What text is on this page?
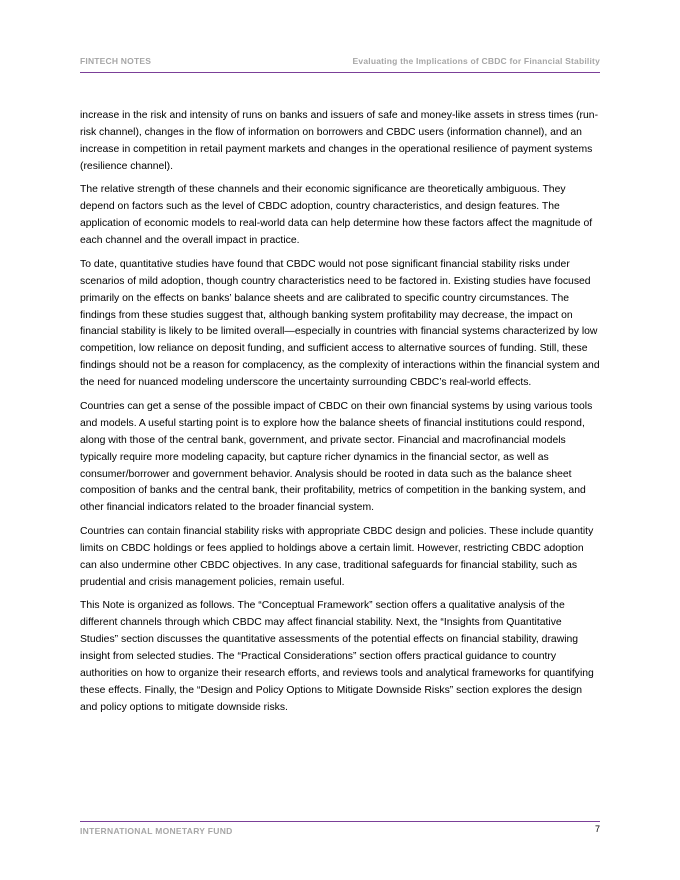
FINTECH NOTES	Evaluating the Implications of CBDC for Financial Stability

increase in the risk and intensity of runs on banks and issuers of safe and money-like assets in stress times (run-risk channel), changes in the flow of information on borrowers and CBDC users (information channel), and an increase in competition in retail payment markets and changes in the operational resilience of payment systems (resilience channel).

The relative strength of these channels and their economic significance are theoretically ambiguous. They depend on factors such as the level of CBDC adoption, country characteristics, and design features. The application of economic models to real-world data can help determine how these factors affect the magnitude of each channel and the overall impact in practice.

To date, quantitative studies have found that CBDC would not pose significant financial stability risks under scenarios of mild adoption, though country characteristics need to be factored in. Existing studies have focused primarily on the effects on banks’ balance sheets and are calibrated to specific country circumstances. The findings from these studies suggest that, although banking system profitability may decrease, the impact on financial stability is likely to be limited overall—especially in countries with financial systems characterized by low competition, low reliance on deposit funding, and sufficient access to alternative sources of funding. Still, these findings should not be a reason for complacency, as the complexity of interactions within the financial system and the need for nuanced modeling underscore the uncertainty surrounding CBDC’s real-world effects.

Countries can get a sense of the possible impact of CBDC on their own financial systems by using various tools and models. A useful starting point is to explore how the balance sheets of financial institutions could respond, along with those of the central bank, government, and private sector. Financial and macrofinancial models typically require more modeling capacity, but capture richer dynamics in the financial sector, as well as consumer/borrower and government behavior. Analysis should be rooted in data such as the balance sheet composition of banks and the central bank, their profitability, metrics of competition in the banking system, and other financial indicators related to the broader financial system.

Countries can contain financial stability risks with appropriate CBDC design and policies. These include quantity limits on CBDC holdings or fees applied to holdings above a certain limit. However, restricting CBDC adoption can also undermine other CBDC objectives. In any case, traditional safeguards for financial stability, such as prudential and crisis management policies, remain useful.

This Note is organized as follows. The “Conceptual Framework” section offers a qualitative analysis of the different channels through which CBDC may affect financial stability. Next, the “Insights from Quantitative Studies” section discusses the quantitative assessments of the potential effects on financial stability, drawing insight from selected studies. The “Practical Considerations” section offers practical guidance to country authorities on how to organize their research efforts, and reviews tools and analytical frameworks for quantifying these effects. Finally, the “Design and Policy Options to Mitigate Downside Risks” section explores the design and policy options to mitigate downside risks.

INTERNATIONAL MONETARY FUND	7
